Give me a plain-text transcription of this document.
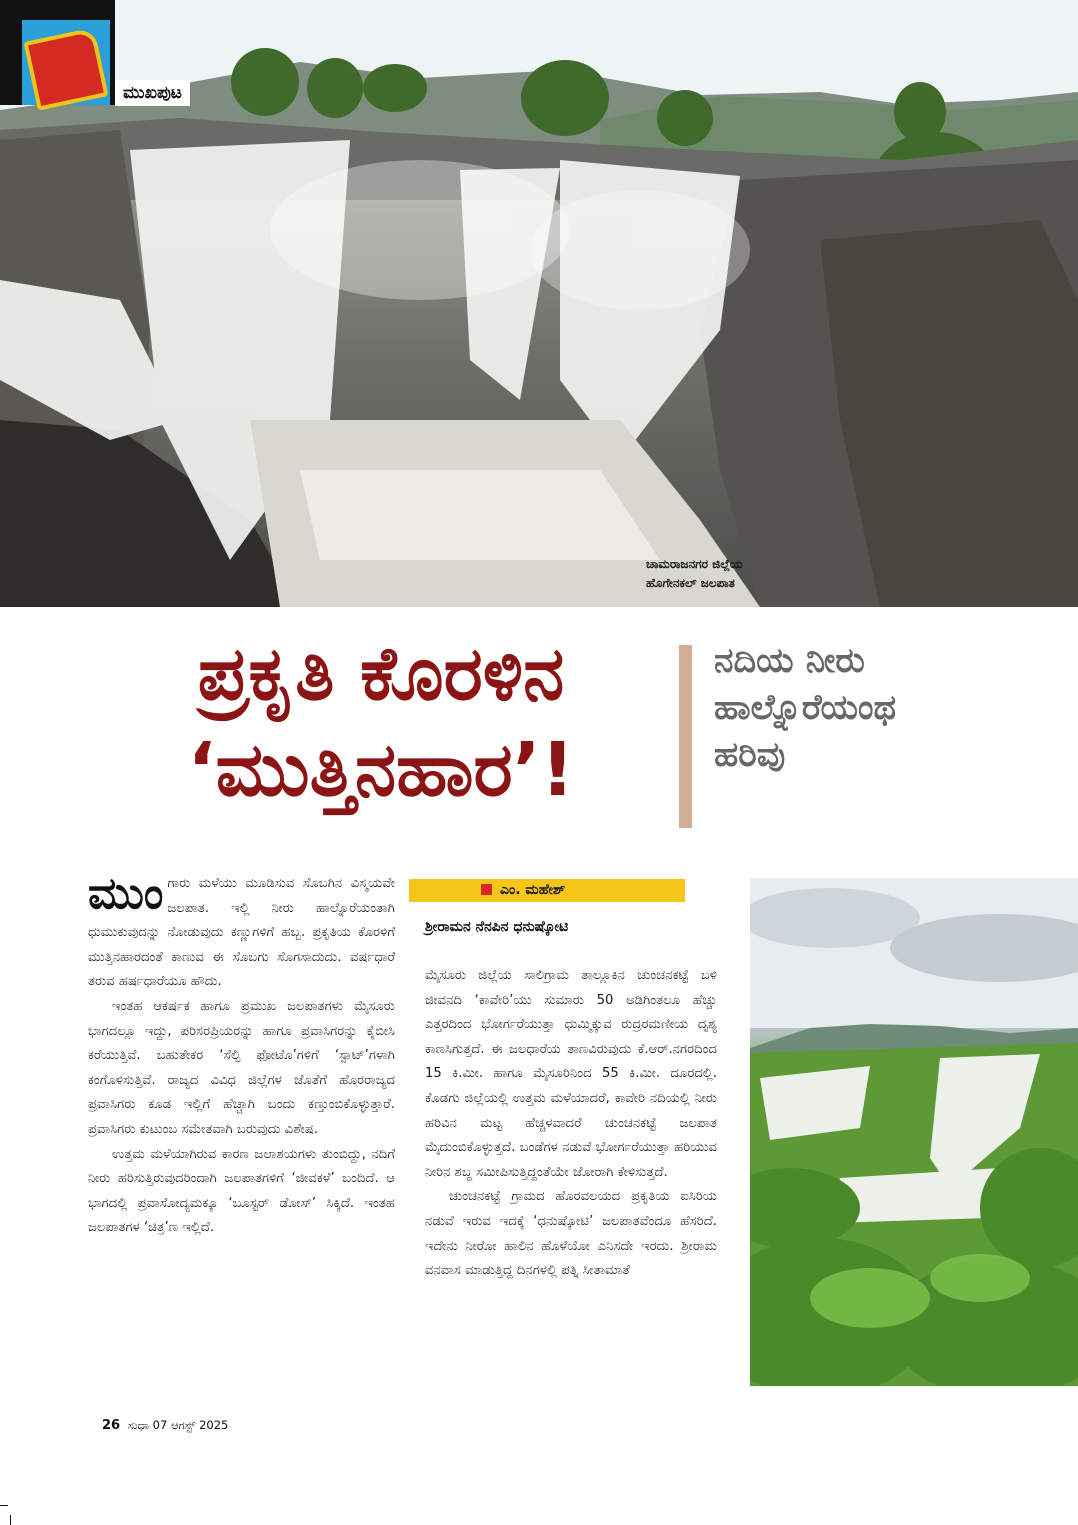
ಮುಖಪುಟ
ಚಾಮರಾಜನಗರ ಜಿಲ್ಲೆಯ
ಹೊಗೇನಕಲ್ ಜಲಪಾತ
ಪ್ರಕೃತಿ ಕೊರಳಿನ
‘ಮುತ್ತಿನಹಾರ’!
ನದಿಯ ನೀರು
ಹಾಲ್ನೊರೆಯಂಥ
ಹರಿವು

ಮುಂಗಾರು ಮಳೆಯು ಮೂಡಿಸುವ ಸೊಬಗಿನ ವಿಸ್ಮಯವೇ ಜಲಪಾತ. ಇಲ್ಲಿ ನೀರು ಹಾಲ್ನೊರೆಯಂತಾಗಿ ಧುಮುಕುವುದನ್ನು ನೋಡುವುದು ಕಣ್ಣುಗಳಿಗೆ ಹಬ್ಬ. ಪ್ರಕೃತಿಯ ಕೊರಳಿಗೆ ಮುತ್ತಿನಹಾರದಂತೆ ಕಾಣುವ ಈ ಸೊಬಗು ಸೊಗಸಾದುದು. ವರ್ಷಧಾರೆ ತರುವ ಹರ್ಷಧಾರೆಯೂ ಹೌದು.

ಇಂತಹ ಆಕರ್ಷಕ ಹಾಗೂ ಪ್ರಮುಖ ಜಲಪಾತಗಳು ಮೈಸೂರು ಭಾಗದಲ್ಲೂ ಇದ್ದು, ಪರಿಸರಪ್ರಿಯರನ್ನು ಹಾಗೂ ಪ್ರವಾಸಿಗರನ್ನು ಕೈಬೀಸಿ ಕರೆಯುತ್ತಿವೆ. ಬಹುತೇಕರ ‘ಸೆಲ್ಫಿ ಫೋಟೊ’ಗಳಿಗೆ ‘ಸ್ಪಾಟ್’ಗಳಾಗಿ ಕಂಗೊಳಿಸುತ್ತಿವೆ. ರಾಜ್ಯದ ವಿವಿಧ ಜಿಲ್ಲೆಗಳ ಜೊತೆಗೆ ಹೊರರಾಜ್ಯದ ಪ್ರವಾಸಿಗರು ಕೂಡ ಇಲ್ಲಿಗೆ ಹೆಚ್ಚಾಗಿ ಬಂದು ಕಣ್ತುಂಬಿಕೊಳ್ಳುತ್ತಾರೆ. ಪ್ರವಾಸಿಗರು ಕುಟುಂಬ ಸಮೇತವಾಗಿ ಬರುವುದು ವಿಶೇಷ.

ಉತ್ತಮ ಮಳೆಯಾಗಿರುವ ಕಾರಣ ಜಲಾಶಯಗಳು ತುಂಬಿದ್ದು, ನದಿಗೆ ನೀರು ಹರಿಸುತ್ತಿರುವುದರಿಂದಾಗಿ ಜಲಪಾತಗಳಿಗೆ ‘ಜೀವಕಳೆ’ ಬಂದಿದೆ. ಆ ಭಾಗದಲ್ಲಿ ಪ್ರವಾಸೋದ್ಯಮಕ್ಕೂ ‘ಬೂಸ್ಟರ್ ಡೋಸ್’ ಸಿಕ್ಕಿದೆ. ಇಂತಹ ಜಲಪಾತಗಳ ‘ಚಿತ್ರ’ಣ ಇಲ್ಲಿದೆ.

ಎಂ. ಮಹೇಶ್
ಶ್ರೀರಾಮನ ನೆನಪಿನ ಧನುಷ್ಕೋಟಿ

ಮೈಸೂರು ಜಿಲ್ಲೆಯ ಸಾಲಿಗ್ರಾಮ ತಾಲ್ಲೂಕಿನ ಚುಂಚನಕಟ್ಟೆ ಬಳಿ ಜೀವನದಿ ‘ಕಾವೇರಿ’ಯು ಸುಮಾರು 50 ಅಡಿಗಿಂತಲೂ ಹೆಚ್ಚು ಎತ್ತರದಿಂದ ಭೋರ್ಗರೆಯುತ್ತಾ ಧುಮ್ಮಿಕ್ಕುವ ರುದ್ರರಮಣೀಯ ದೃಶ್ಯ ಕಾಣಸಿಗುತ್ತದೆ. ಈ ಜಲಧಾರೆಯ ತಾಣವಿರುವುದು ಕೆ.ಆರ್.ನಗರದಿಂದ 15 ಕಿ.ಮೀ. ಹಾಗೂ ಮೈಸೂರಿನಿಂದ 55 ಕಿ.ಮೀ. ದೂರದಲ್ಲಿ. ಕೊಡಗು ಜಿಲ್ಲೆಯಲ್ಲಿ ಉತ್ತಮ ಮಳೆಯಾದರೆ, ಕಾವೇರಿ ನದಿಯಲ್ಲಿ ನೀರು ಹರಿವಿನ ಮಟ್ಟ ಹೆಚ್ಚಳವಾದರೆ ಚುಂಚನಕಟ್ಟೆ ಜಲಪಾತ ಮೈದುಂಬಿಕೊಳ್ಳುತ್ತದೆ. ಬಂಡೆಗಳ ನಡುವೆ ಭೋರ್ಗರೆಯುತ್ತಾ ಹರಿಯುವ ನೀರಿನ ಶಬ್ದ ಸಮೀಪಿಸುತ್ತಿದ್ದಂತೆಯೇ ಜೋರಾಗಿ ಕೇಳಿಸುತ್ತದೆ.

ಚುಂಚನಕಟ್ಟೆ ಗ್ರಾಮದ ಹೊರವಲಯದ ಪ್ರಕೃತಿಯ ಐಸಿರಿಯ ನಡುವೆ ಇರುವ ಇದಕ್ಕೆ ‘ಧನುಷ್ಕೋಟಿ’ ಜಲಪಾತವೆಂದೂ ಹೆಸರಿದೆ. ಇದೇನು ನೀರೋ ಹಾಲಿನ ಹೊಳೆಯೋ ಎನಿಸದೇ ಇರದು. ಶ್ರೀರಾಮ ವನವಾಸ ಮಾಡುತ್ತಿದ್ದ ದಿನಗಳಲ್ಲಿ ಪತ್ನಿ ಸೀತಾಮಾತೆ

26 ಸುಧಾ 07 ಆಗಸ್ಟ್ 2025
